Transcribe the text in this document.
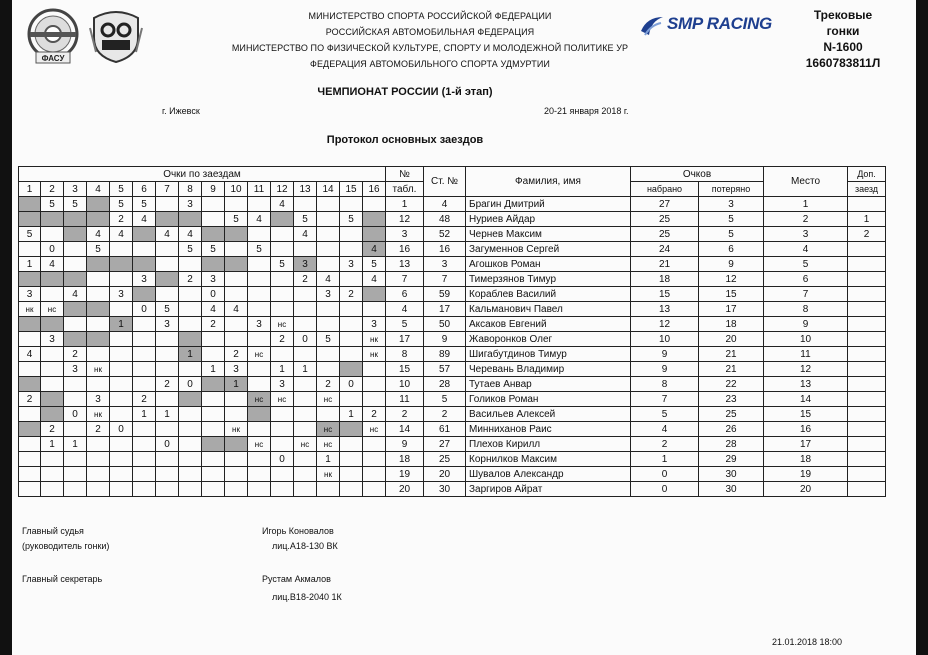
ФАСУ
МИНИСТЕРСТВО СПОРТА РОССИЙСКОЙ ФЕДЕРАЦИИ
РОССИЙСКАЯ АВТОМОБИЛЬНАЯ ФЕДЕРАЦИЯ
МИНИСТЕРСТВО ПО ФИЗИЧЕСКОЙ КУЛЬТУРЕ, СПОРТУ И МОЛОДЕЖНОЙ ПОЛИТИКЕ УР
ФЕДЕРАЦИЯ АВТОМОБИЛЬНОГО СПОРТА УДМУРТИИ
SMP RACING	Трековые
гонки
N-1600
1660783811Л
ЧЕМПИОНАТ РОССИИ (1-й этап)
г. Ижевск	20-21 января 2018 г.
Протокол основных заездов
Очки по заездам																№	Ст. №	Фамилия, имя	Очков		Место	Доп.
1	2	3	4	5	6	7	8	9	10	11	12	13	14	15	16	табл.			набрано	потеряно		заезд
	5	5		5	5		3				4					1	4	Брагин Дмитрий	27	3	1	
				2	4				5	4		5		5		12	48	Нуриев Айдар	25	5	2	1
5			4	4		4	4					4				3	52	Чернев Максим	25	5	3	2
	0		5				5	5		5					4	16	16	Загуменнов Сергей	24	6	4	
1	4										5	3		3	5	13	3	Агошков Роман	21	9	5	
					3		2	3				2	4		4	7	7	Тимерзянов Тимур	18	12	6	
3		4		3				0					3	2		6	59	Кораблев Василий	15	15	7	
нк	нс				0	5		4	4							4	17	Кальманович Павел	13	17	8	
				1		3		2		3	нс				3	5	50	Аксаков Евгений	12	18	9	
	3										2	0	5		нк	17	9	Жаворонков Олег	10	20	10	
4		2					1		2	нс					нк	8	89	Шигабутдинов Тимур	9	21	11	
		3	нк					1	3		1	1				15	57	Черевань Владимир	9	21	12	
						2	0		1		3		2	0		10	28	Тутаев Анвар	8	22	13	
2			3		2					нс	нс		нс			11	5	Голиков Роман	7	23	14	
		0	нк		1	1								1	2	2	2	Васильев Алексей	5	25	15	
	2		2	0					нк				нс		нс	14	61	Минниханов Раис	4	26	16	
	1	1				0				нс		нс	нс			9	27	Плехов Кирилл	2	28	17	
											0		1			18	25	Корнилков Максим	1	29	18	
													нк			19	20	Шувалов Александр	0	30	19	
																20	30	Заргиров Айрат	0	30	20	
Главный судья
(руководитель гонки)
Игорь Коновалов
лиц.А18-130 ВК
Главный секретарь	Рустам Акмалов
лиц.В18-2040 1К
21.01.2018 18:00
